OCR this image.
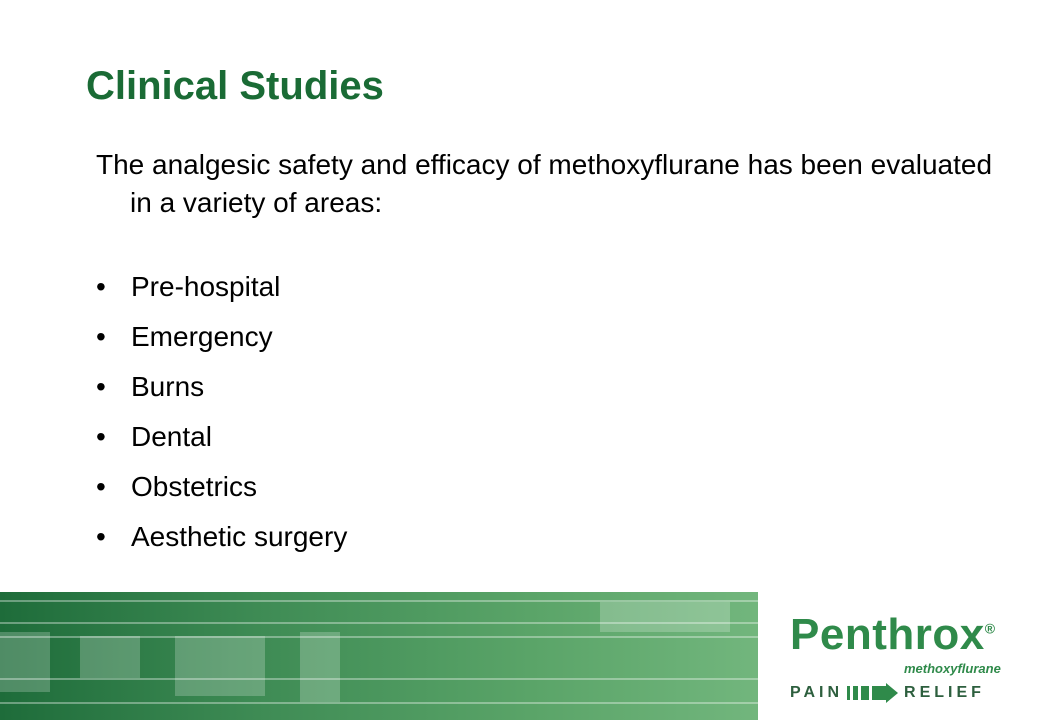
Clinical Studies
The analgesic safety and efficacy of methoxyflurane has been evaluated in a variety of areas:
• Pre-hospital
• Emergency
• Burns
• Dental
• Obstetrics
• Aesthetic surgery
Penthrox®
methoxyflurane
PAIN	RELIEF
